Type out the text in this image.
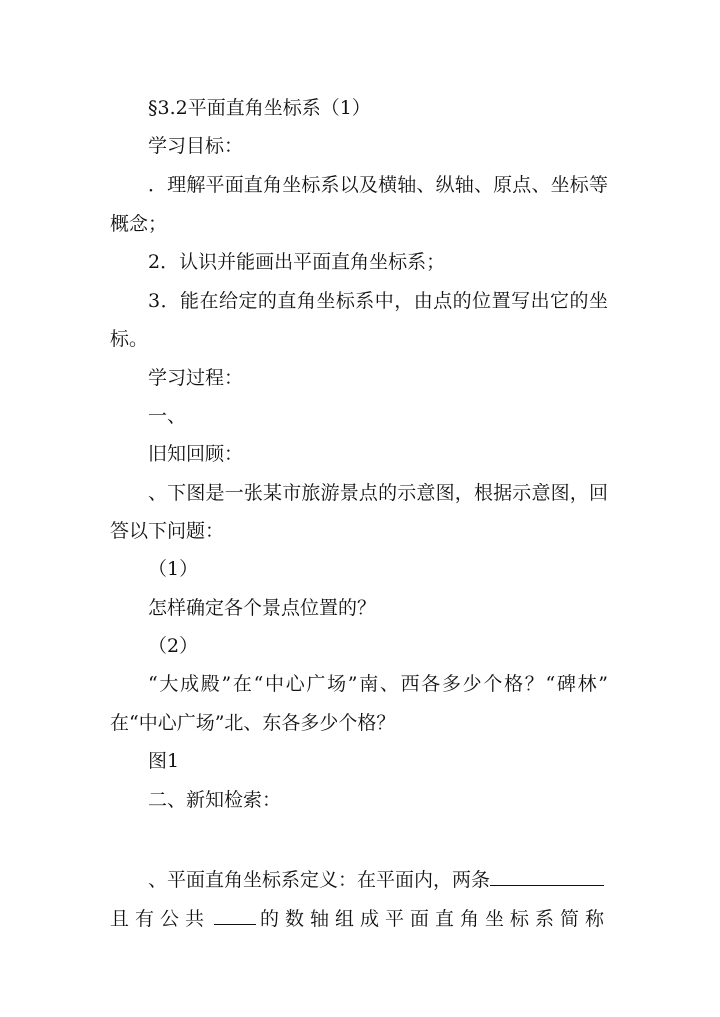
§3.2平面直角坐标系（1）
学习目标：
．理解平面直角坐标系以及横轴、纵轴、原点、坐标等
概念；
2．认识并能画出平面直角坐标系；
3．能在给定的直角坐标系中，由点的位置写出它的坐
标。
学习过程：
一、
旧知回顾：
、下图是一张某市旅游景点的示意图，根据示意图，回
答以下问题：
（1）
怎样确定各个景点位置的？
（2）
“大成殿”在“中心广场”南、西各多少个格？“碑林”
在“中心广场”北、东各多少个格？
图1
二、新知检索：
、平面直角坐标系定义：在平面内，两条
且有公共	的数轴组成平面直角坐标系简称
